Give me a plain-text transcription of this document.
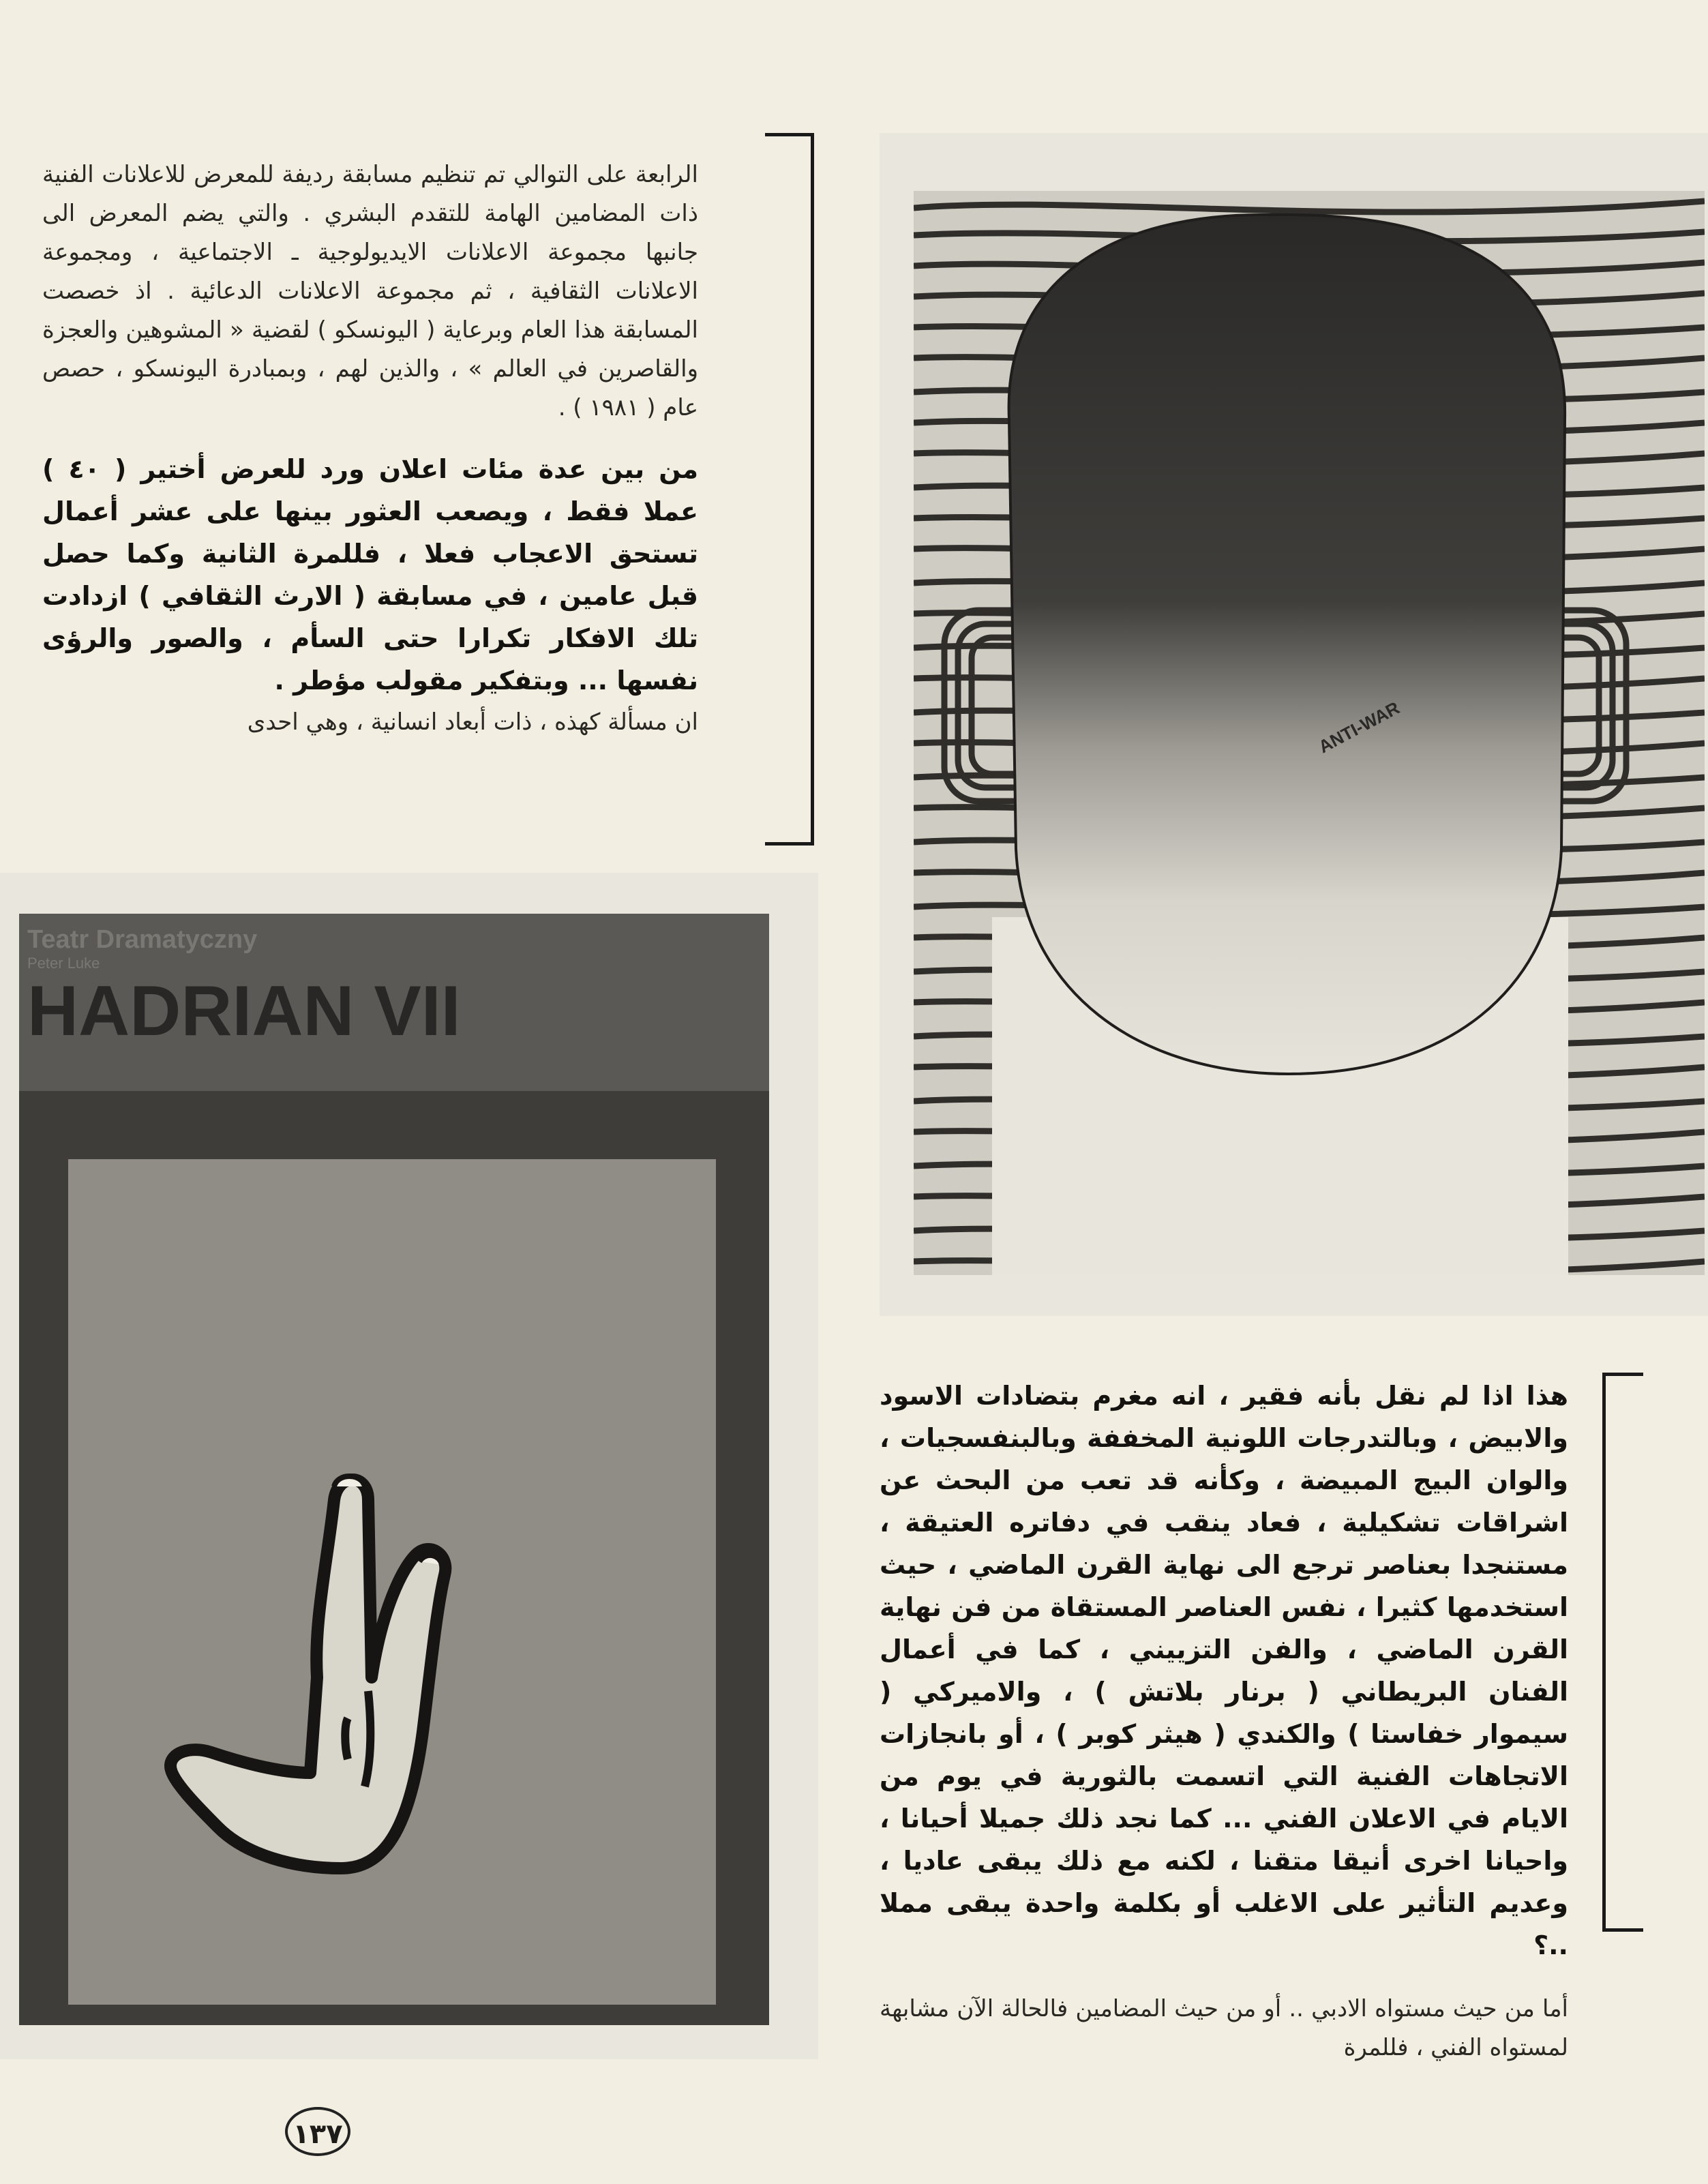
الرابعة على التوالي تم تنظيم مسابقة رديفة للمعرض للاعلانات الفنية ذات المضامين الهامة للتقدم البشري . والتي يضم المعرض الى جانبها مجموعة الاعلانات الايديولوجية ـ الاجتماعية ، ومجموعة الاعلانات الثقافية ، ثم مجموعة الاعلانات الدعائية . اذ خصصت المسابقة هذا العام وبرعاية ( اليونسكو ) لقضية « المشوهين والعجزة والقاصرين في العالم » ، والذين لهم ، وبمبادرة اليونسكو ، حصص عام ( ١٩٨١ ) .

من بين عدة مئات اعلان ورد للعرض أختير ( ٤٠ ) عملا فقط ، ويصعب العثور بينها على عشر أعمال تستحق الاعجاب فعلا ، فللمرة الثانية وكما حصل قبل عامين ، في مسابقة ( الارث الثقافي ) ازدادت تلك الافكار تكرارا حتى السأم ، والصور والرؤى نفسها ... وبتفكير مقولب مؤطر .

ان مسألة كهذه ، ذات أبعاد انسانية ، وهي احدى	ANTI-WAR
Teatr Dramatyczny
Peter Luke
HADRIAN VII

هذا اذا لم نقل بأنه فقير ، انه مغرم بتضادات الاسود والابيض ، وبالتدرجات اللونية المخففة وبالبنفسجيات ، والوان البيج المبيضة ، وكأنه قد تعب من البحث عن اشراقات تشكيلية ، فعاد ينقب في دفاتره العتيقة ، مستنجدا بعناصر ترجع الى نهاية القرن الماضي ، حيث استخدمها كثيرا ، نفس العناصر المستقاة من فن نهاية القرن الماضي ، والفن التزييني ، كما في أعمال الفنان البريطاني ( برنار بلاتش ) ، والاميركي ( سيموار خفاستا ) والكندي ( هيثر كوبر ) ، أو بانجازات الاتجاهات الفنية التي اتسمت بالثورية في يوم من الايام في الاعلان الفني ... كما نجد ذلك جميلا أحيانا ، واحيانا اخرى أنيقا متقنا ، لكنه مع ذلك يبقى عاديا ، وعديم التأثير على الاغلب أو بكلمة واحدة يبقى مملا ..؟

أما من حيث مستواه الادبي .. أو من حيث المضامين فالحالة الآن مشابهة لمستواه الفني ، فللمرة

١٣٧
